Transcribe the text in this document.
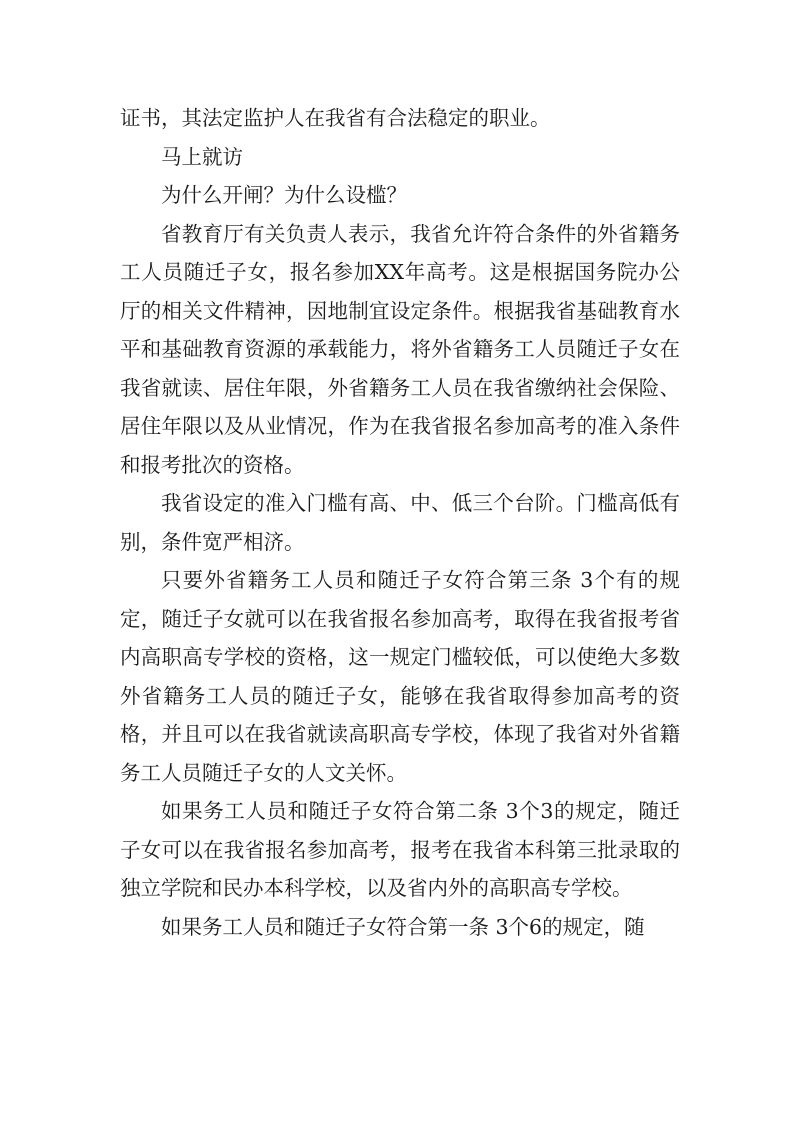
证书，其法定监护人在我省有合法稳定的职业。

马上就访

为什么开闸？为什么设槛？

省教育厅有关负责人表示，我省允许符合条件的外省籍务工人员随迁子女，报名参加XX年高考。这是根据国务院办公厅的相关文件精神，因地制宜设定条件。根据我省基础教育水平和基础教育资源的承载能力，将外省籍务工人员随迁子女在我省就读、居住年限，外省籍务工人员在我省缴纳社会保险、居住年限以及从业情况，作为在我省报名参加高考的准入条件和报考批次的资格。

我省设定的准入门槛有高、中、低三个台阶。门槛高低有别，条件宽严相济。

只要外省籍务工人员和随迁子女符合第三条 3个有的规定，随迁子女就可以在我省报名参加高考，取得在我省报考省内高职高专学校的资格，这一规定门槛较低，可以使绝大多数外省籍务工人员的随迁子女，能够在我省取得参加高考的资格，并且可以在我省就读高职高专学校，体现了我省对外省籍务工人员随迁子女的人文关怀。

如果务工人员和随迁子女符合第二条 3个3的规定，随迁子女可以在我省报名参加高考，报考在我省本科第三批录取的独立学院和民办本科学校，以及省内外的高职高专学校。

如果务工人员和随迁子女符合第一条 3个6的规定，随
